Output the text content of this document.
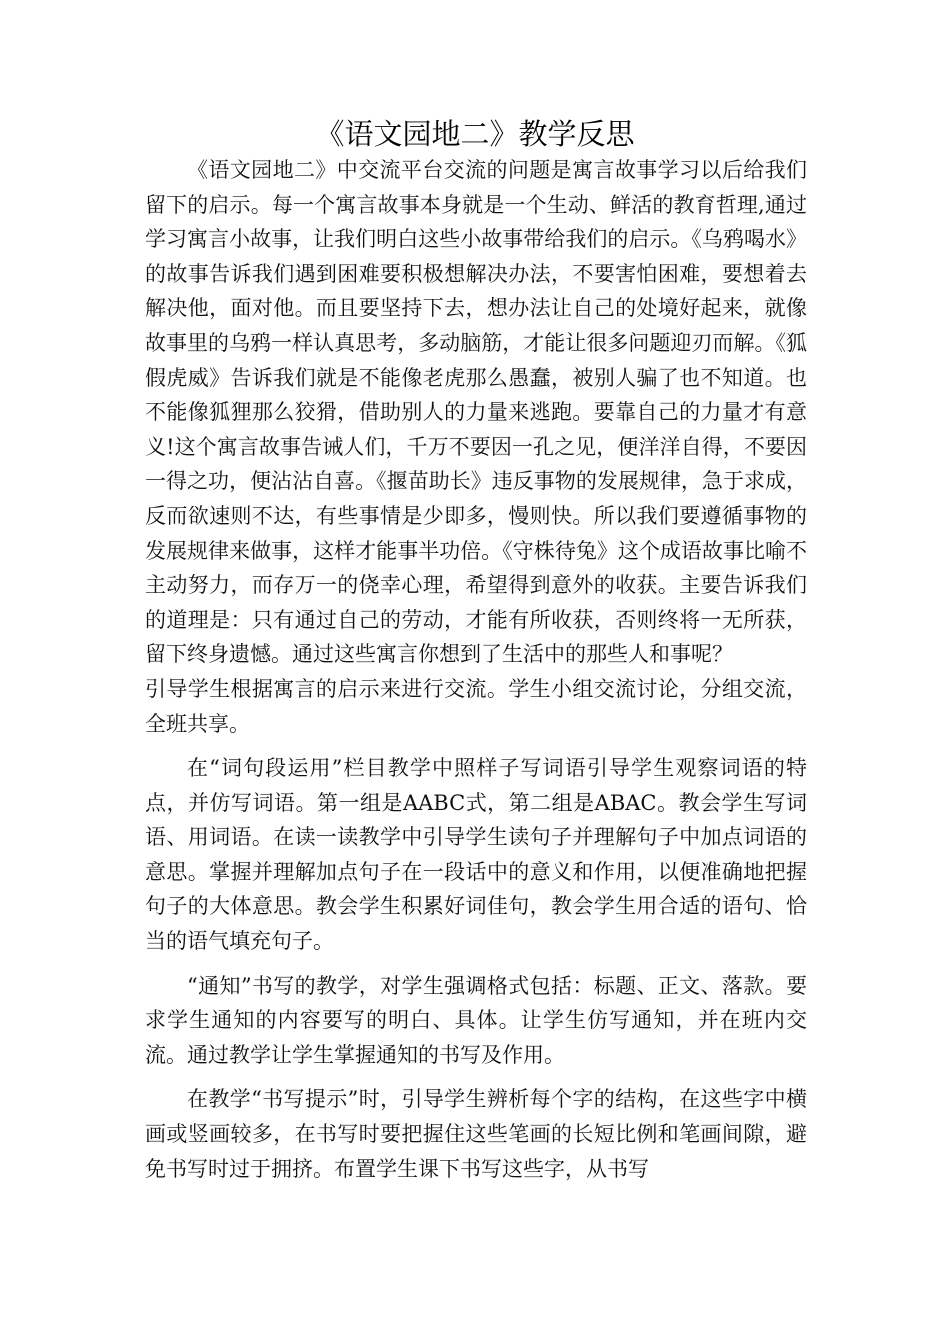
《语文园地二》教学反思

《语文园地二》中交流平台交流的问题是寓言故事学习以后给我们留下的启示。每一个寓言故事本身就是一个生动、鲜活的教育哲理,通过学习寓言小故事，让我们明白这些小故事带给我们的启示。《乌鸦喝水》的故事告诉我们遇到困难要积极想解决办法，不要害怕困难，要想着去解决他，面对他。而且要坚持下去，想办法让自己的处境好起来，就像故事里的乌鸦一样认真思考，多动脑筋，才能让很多问题迎刃而解。《狐假虎威》告诉我们就是不能像老虎那么愚蠢，被别人骗了也不知道。也不能像狐狸那么狡猾，借助别人的力量来逃跑。要靠自己的力量才有意义!这个寓言故事告诫人们，千万不要因一孔之见，便洋洋自得，不要因一得之功，便沾沾自喜。《揠苗助长》违反事物的发展规律，急于求成，反而欲速则不达，有些事情是少即多，慢则快。所以我们要遵循事物的发展规律来做事，这样才能事半功倍。《守株待兔》这个成语故事比喻不主动努力，而存万一的侥幸心理，希望得到意外的收获。主要告诉我们的道理是：只有通过自己的劳动，才能有所收获，否则终将一无所获，留下终身遗憾。通过这些寓言你想到了生活中的那些人和事呢？

引导学生根据寓言的启示来进行交流。学生小组交流讨论，分组交流，全班共享。

在“词句段运用”栏目教学中照样子写词语引导学生观察词语的特点，并仿写词语。第一组是AABC式，第二组是ABAC。教会学生写词语、用词语。在读一读教学中引导学生读句子并理解句子中加点词语的意思。掌握并理解加点句子在一段话中的意义和作用，以便准确地把握句子的大体意思。教会学生积累好词佳句，教会学生用合适的语句、恰当的语气填充句子。

“通知”书写的教学，对学生强调格式包括：标题、正文、落款。要求学生通知的内容要写的明白、具体。让学生仿写通知，并在班内交流。通过教学让学生掌握通知的书写及作用。

在教学“书写提示”时，引导学生辨析每个字的结构，在这些字中横画或竖画较多，在书写时要把握住这些笔画的长短比例和笔画间隙，避免书写时过于拥挤。布置学生课下书写这些字，从书写
